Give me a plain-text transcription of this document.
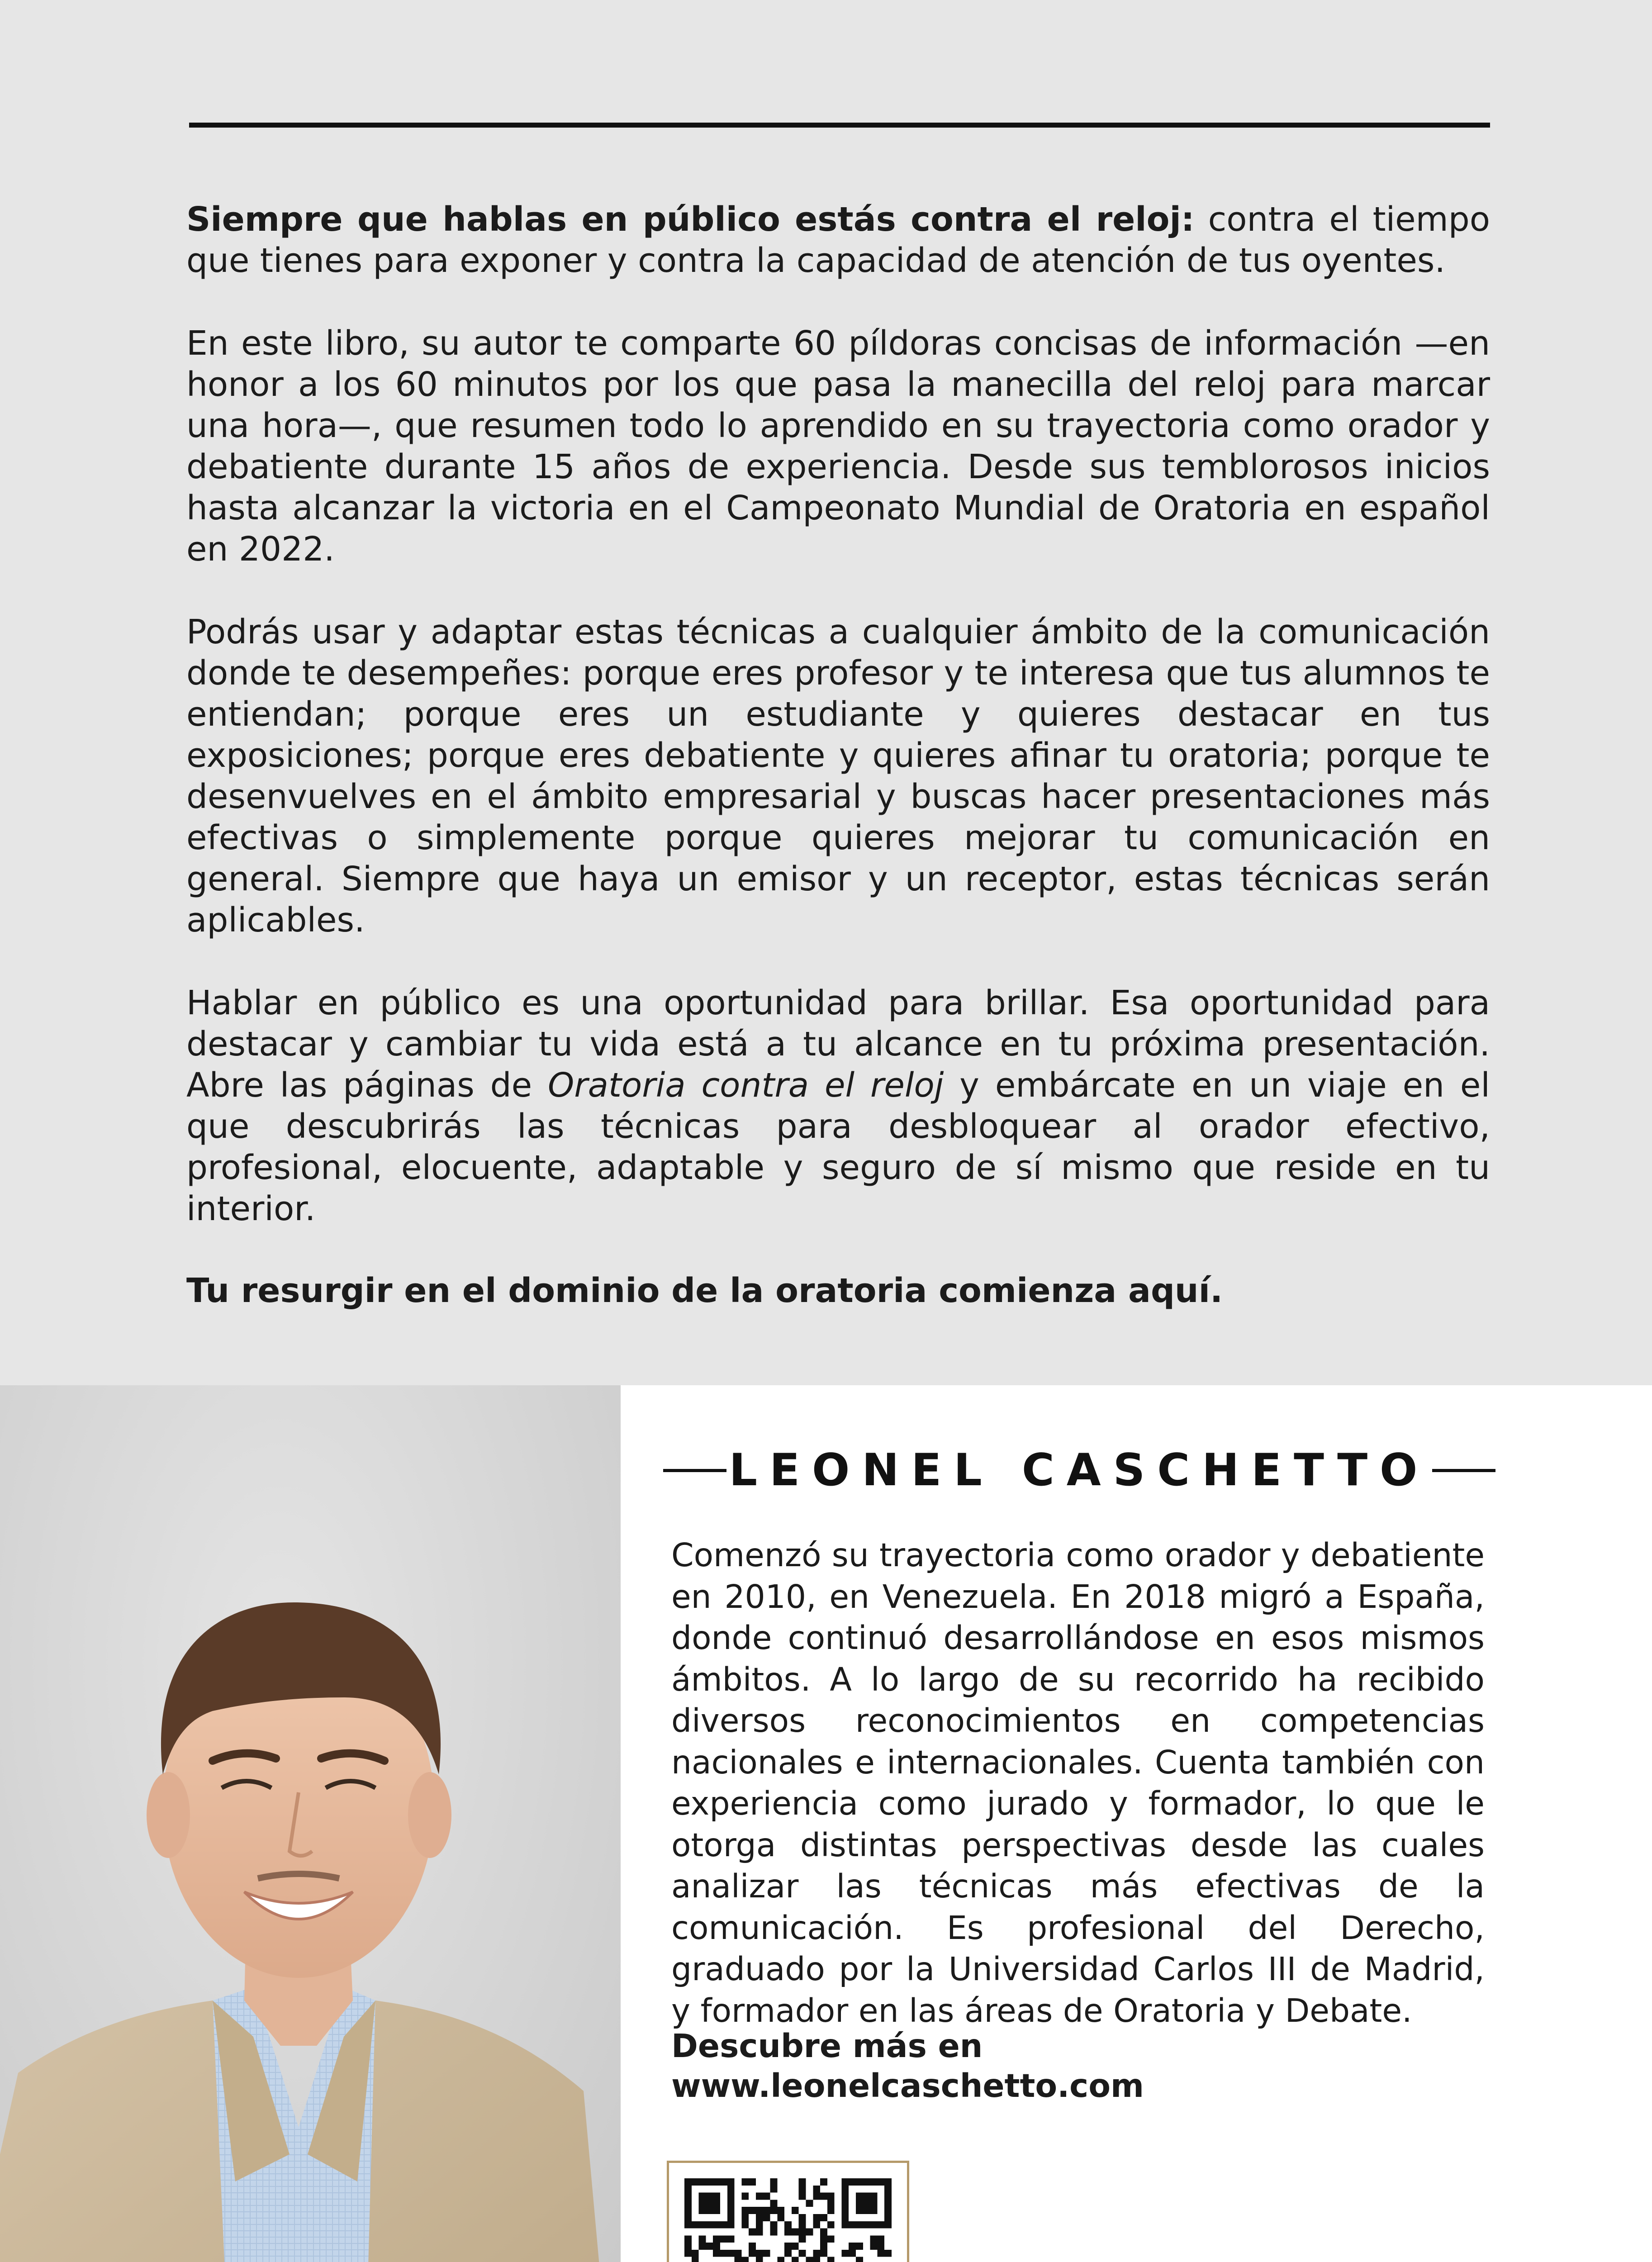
Siempre que hablas en público estás contra el reloj: contra el tiempo que tienes para exponer y contra la capacidad de atención de tus oyentes.

En este libro, su autor te comparte 60 píldoras concisas de información —en honor a los 60 minutos por los que pasa la manecilla del reloj para marcar una hora—, que resumen todo lo aprendido en su trayectoria como orador y debatiente durante 15 años de experiencia. Desde sus temblorosos inicios hasta alcanzar la victoria en el Campeonato Mundial de Oratoria en español en 2022.

Podrás usar y adaptar estas técnicas a cualquier ámbito de la comunicación donde te desempeñes: porque eres profesor y te interesa que tus alumnos te entiendan; porque eres un estudiante y quieres destacar en tus exposiciones; porque eres debatiente y quieres afinar tu oratoria; porque te desenvuelves en el ámbito empresarial y buscas hacer presentaciones más efectivas o simplemente porque quieres mejorar tu comunicación en general. Siempre que haya un emisor y un receptor, estas técnicas serán aplicables.

Hablar en público es una oportunidad para brillar. Esa oportunidad para destacar y cambiar tu vida está a tu alcance en tu próxima presentación. Abre las páginas de Oratoria contra el reloj y embárcate en un viaje en el que descubrirás las técnicas para desbloquear al orador efectivo, profesional, elocuente, adaptable y seguro de sí mismo que reside en tu interior.

Tu resurgir en el dominio de la oratoria comienza aquí.

LEONEL CASCHETTO

Comenzó su trayectoria como orador y debatiente en 2010, en Venezuela. En 2018 migró a España, donde continuó desarrollándose en esos mismos ámbitos. A lo largo de su recorrido ha recibido diversos reconocimientos en competencias nacionales e internacionales. Cuenta también con experiencia como jurado y formador, lo que le otorga distintas perspectivas desde las cuales analizar las técnicas más efectivas de la comunicación. Es profesional del Derecho, graduado por la Universidad Carlos III de Madrid, y formador en las áreas de Oratoria y Debate.

Descubre más en
www.leonelcaschetto.com
